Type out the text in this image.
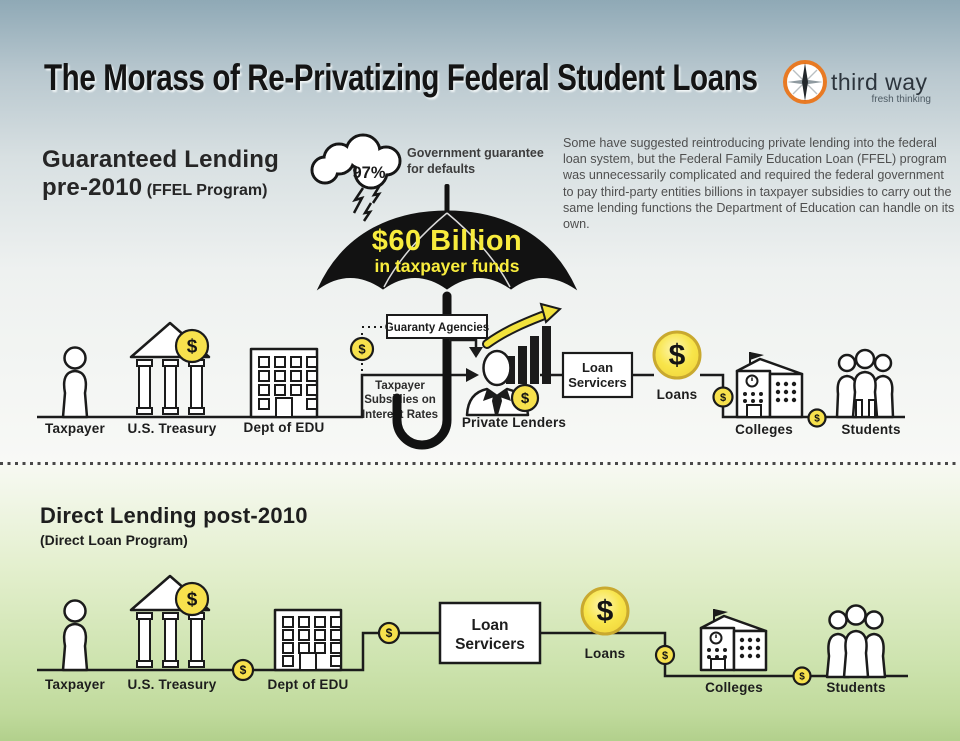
The Morass of Re-Privatizing Federal Student Loans
Guaranteed Lending
pre-2010 (FFEL Program)
Government guarantee
for defaults
Some have suggested reintroducing private lending into the federal loan system, but the Federal Family Education Loan (FFEL) program was unnecessarily complicated and required the federal government to pay third-party entities billions in taxpayer subsidies to carry out the same lending functions the Department of Education can handle on its own.
Taxpayer
Subsidies on
Interest Rates
Direct Lending post-2010
(Direct Loan Program)
third way
fresh thinking
$60 Billion
in taxpayer funds
97%
Guaranty Agencies
Taxpayer
$
U.S. Treasury Dept of EDU
$
$
Private Lenders
Loan
Servicers
$
Loans $
Colleges
$
Students
Taxpayer
$
U.S. Treasury
$
Dept of EDU
$	Loan
Servicers
$
Loans	$
Colleges
$
Students
